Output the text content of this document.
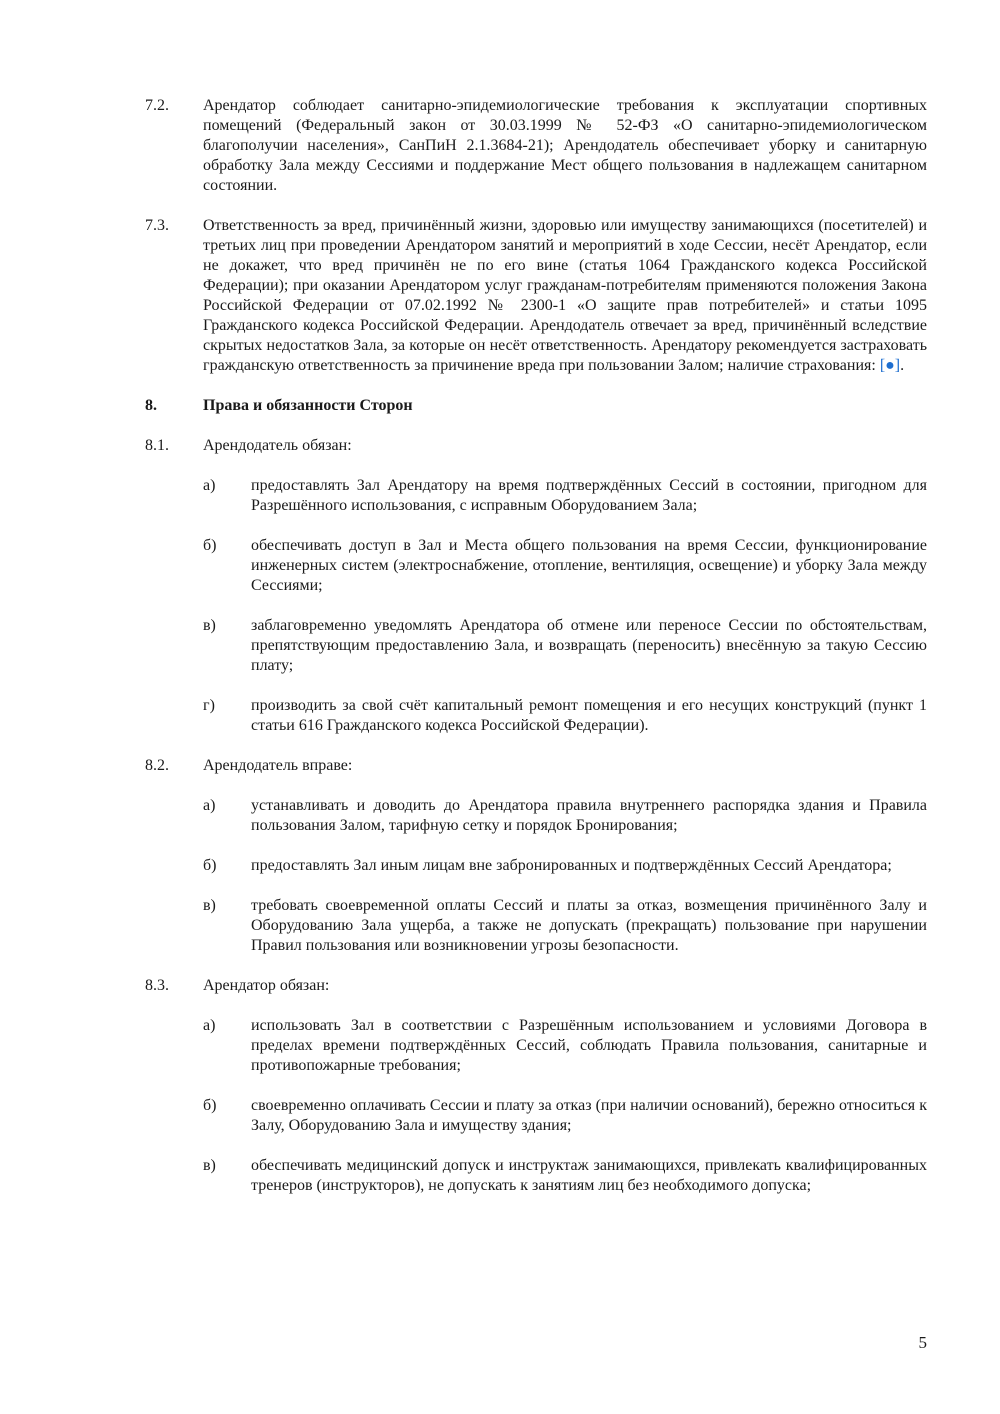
7.2.	Арендатор соблюдает санитарно-эпидемиологические требования к эксплуатации спортивных помещений (Федеральный закон от 30.03.1999 № 52-ФЗ «О санитарно-эпидемиологическом благополучии населения», СанПиН 2.1.3684-21); Арендодатель обеспечивает уборку и санитарную обработку Зала между Сессиями и поддержание Мест общего пользования в надлежащем санитарном состоянии.
7.3.	Ответственность за вред, причинённый жизни, здоровью или имуществу занимающихся (посетителей) и третьих лиц при проведении Арендатором занятий и мероприятий в ходе Сессии, несёт Арендатор, если не докажет, что вред причинён не по его вине (статья 1064 Гражданского кодекса Российской Федерации); при оказании Арендатором услуг гражданам-потребителям применяются положения Закона Российской Федерации от 07.02.1992 № 2300-1 «О защите прав потребителей» и статьи 1095 Гражданского кодекса Российской Федерации. Арендодатель отвечает за вред, причинённый вследствие скрытых недостатков Зала, за которые он несёт ответственность. Арендатору рекомендуется застраховать гражданскую ответственность за причинение вреда при пользовании Залом; наличие страхования: [●].
8.	Права и обязанности Сторон
8.1.	Арендодатель обязан:
а)	предоставлять Зал Арендатору на время подтверждённых Сессий в состоянии, пригодном для Разрешённого использования, с исправным Оборудованием Зала;
б)	обеспечивать доступ в Зал и Места общего пользования на время Сессии, функционирование инженерных систем (электроснабжение, отопление, вентиляция, освещение) и уборку Зала между Сессиями;
в)	заблаговременно уведомлять Арендатора об отмене или переносе Сессии по обстоятельствам, препятствующим предоставлению Зала, и возвращать (переносить) внесённую за такую Сессию плату;
г)	производить за свой счёт капитальный ремонт помещения и его несущих конструкций (пункт 1 статьи 616 Гражданского кодекса Российской Федерации).
8.2.	Арендодатель вправе:
а)	устанавливать и доводить до Арендатора правила внутреннего распорядка здания и Правила пользования Залом, тарифную сетку и порядок Бронирования;
б)	предоставлять Зал иным лицам вне забронированных и подтверждённых Сессий Арендатора;
в)	требовать своевременной оплаты Сессий и платы за отказ, возмещения причинённого Залу и Оборудованию Зала ущерба, а также не допускать (прекращать) пользование при нарушении Правил пользования или возникновении угрозы безопасности.
8.3.	Арендатор обязан:
а)	использовать Зал в соответствии с Разрешённым использованием и условиями Договора в пределах времени подтверждённых Сессий, соблюдать Правила пользования, санитарные и противопожарные требования;
б)	своевременно оплачивать Сессии и плату за отказ (при наличии оснований), бережно относиться к Залу, Оборудованию Зала и имуществу здания;
в)	обеспечивать медицинский допуск и инструктаж занимающихся, привлекать квалифицированных тренеров (инструкторов), не допускать к занятиям лиц без необходимого допуска;
5
